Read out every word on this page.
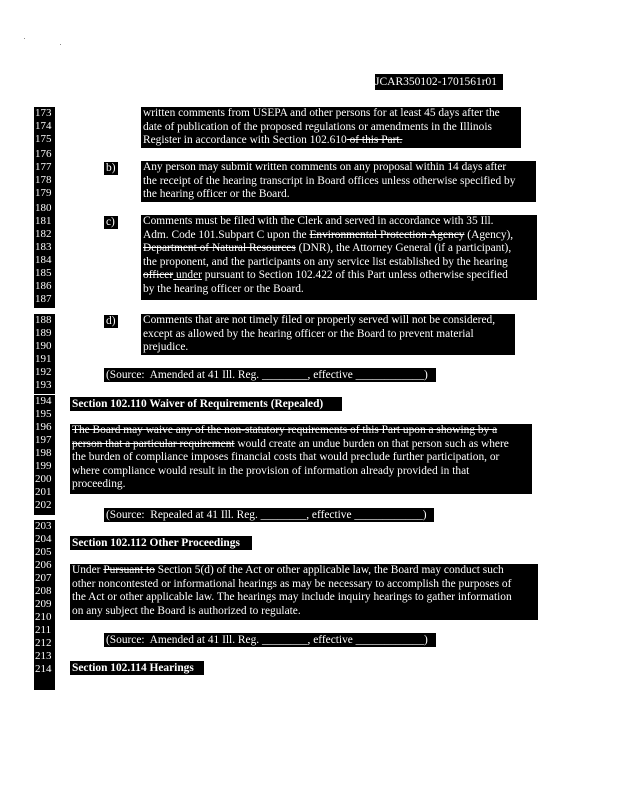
JCAR350102-1701561r01
173
174
175
176
177
178
179
180
181
182
183
184
185
186
187
188
189
190
191
192
193
194
195
196
197
198
199
200
201
202
203
204
205
206
207
208
209
210
211
212
213
214
written comments from USEPA and other persons for at least 45 days after the
date of publication of the proposed regulations or amendments in the Illinois
Register in accordance with Section 102.610 of this Part.
b) Any person may submit written comments on any proposal within 14 days after
the receipt of the hearing transcript in Board offices unless otherwise specified by
the hearing officer or the Board.
c) Comments must be filed with the Clerk and served in accordance with 35 Ill.
Adm. Code 101.Subpart C upon the Environmental Protection Agency (Agency),
Department of Natural Resources (DNR), the Attorney General (if a participant),
the proponent, and the participants on any service list established by the hearing
officer under pursuant to Section 102.422 of this Part unless otherwise specified
by the hearing officer or the Board.
d) Comments that are not timely filed or properly served will not be considered,
except as allowed by the hearing officer or the Board to prevent material
prejudice.
(Source:  Amended at 41 Ill. Reg. ________, effective ____________)
Section 102.110 Waiver of Requirements (Repealed)
The Board may waive any of the non-statutory requirements of this Part upon a showing by a
person that a particular requirement would create an undue burden on that person such as where
the burden of compliance imposes financial costs that would preclude further participation, or
where compliance would result in the provision of information already provided in that
proceeding.
(Source:  Repealed at 41 Ill. Reg. ________, effective ____________)
Section 102.112 Other Proceedings
Under Pursuant to Section 5(d) of the Act or other applicable law, the Board may conduct such
other noncontested or informational hearings as may be necessary to accomplish the purposes of
the Act or other applicable law. The hearings may include inquiry hearings to gather information
on any subject the Board is authorized to regulate.
(Source:  Amended at 41 Ill. Reg. ________, effective ____________)
Section 102.114 Hearings
